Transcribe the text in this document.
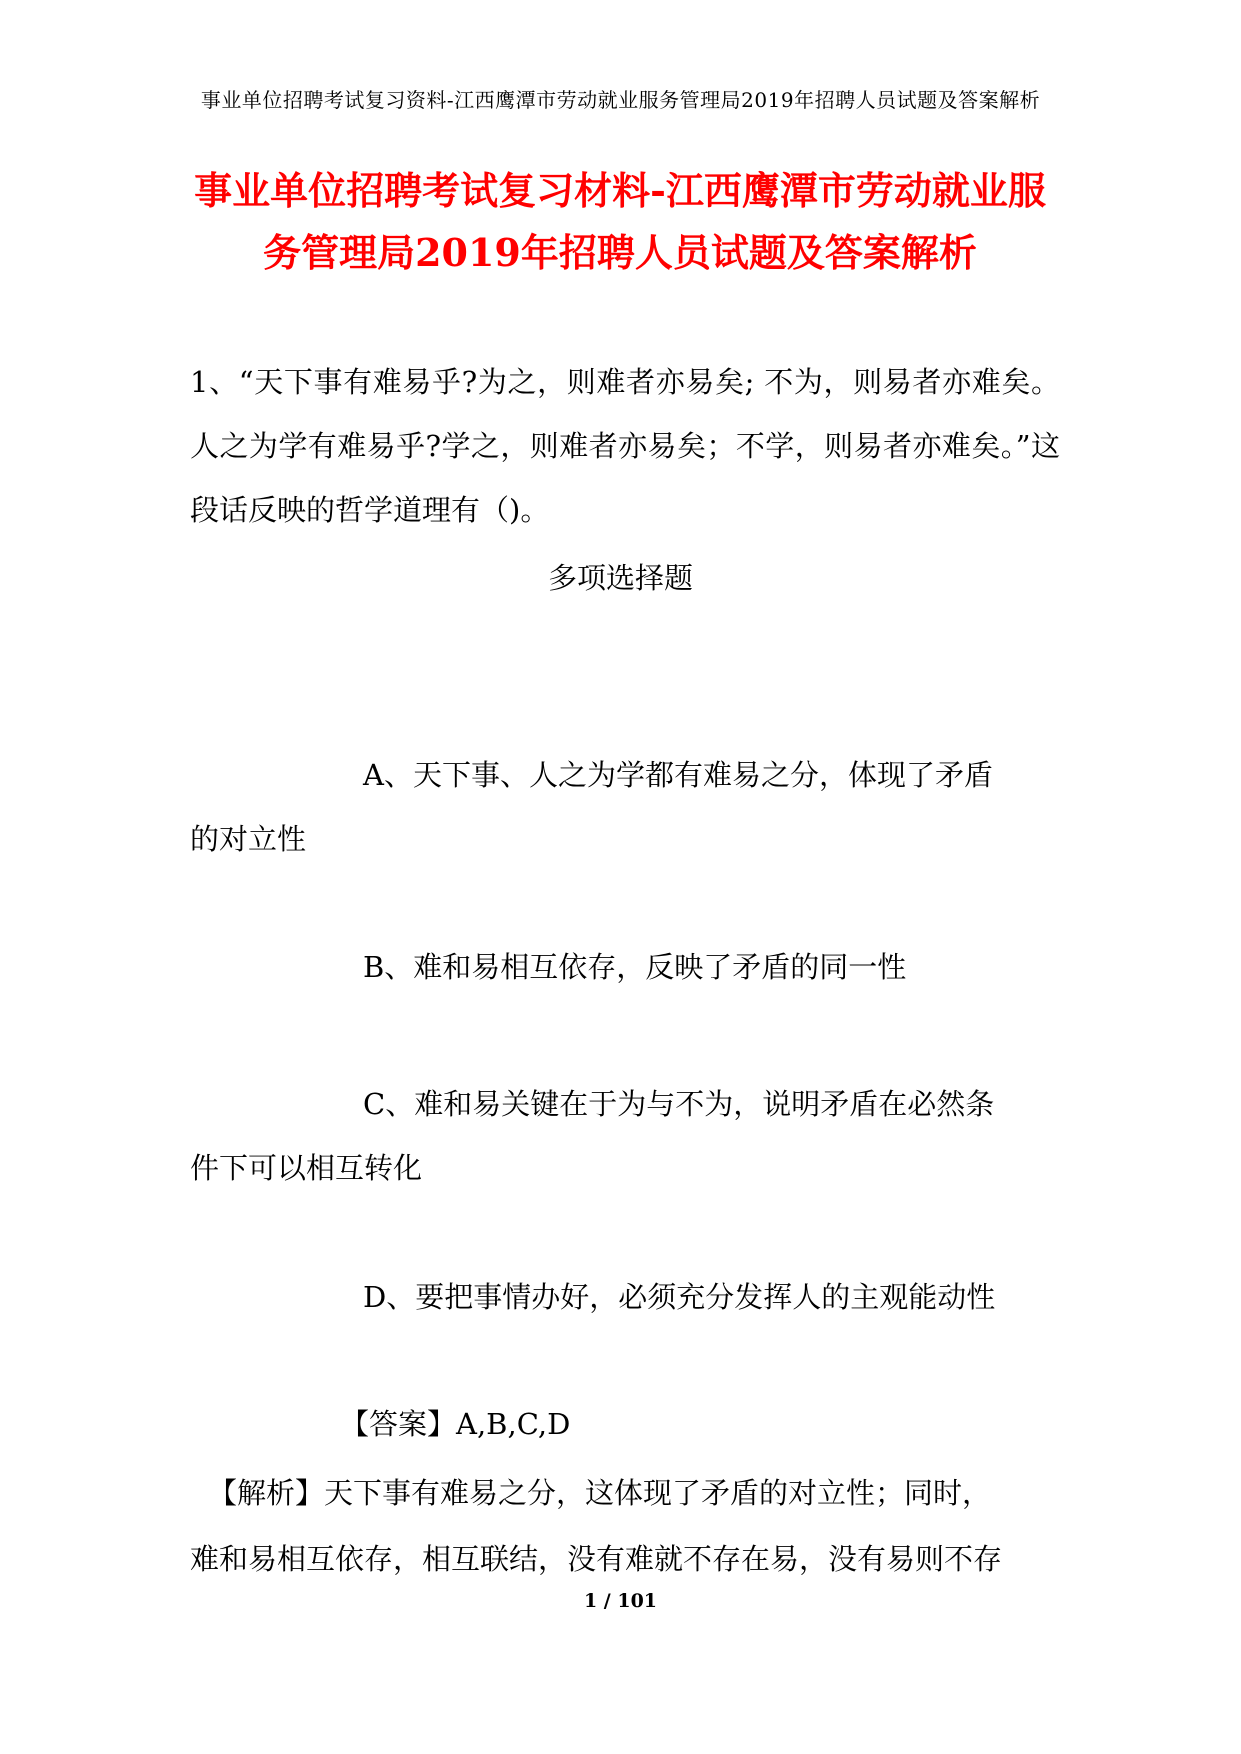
事业单位招聘考试复习资料-江西鹰潭市劳动就业服务管理局2019年招聘人员试题及答案解析
事业单位招聘考试复习材料-江西鹰潭市劳动就业服
务管理局2019年招聘人员试题及答案解析
1、“天下事有难易乎?为之，则难者亦易矣; 不为，则易者亦难矣。人之为学有难易乎?学之，则难者亦易矣；不学，则易者亦难矣。”这段话反映的哲学道理有（)。
多项选择题
A、天下事、人之为学都有难易之分，体现了矛盾
的对立性
B、难和易相互依存，反映了矛盾的同一性
C、难和易关键在于为与不为，说明矛盾在必然条
件下可以相互转化
D、要把事情办好，必须充分发挥人的主观能动性
【答案】A,B,C,D
【解析】天下事有难易之分，这体现了矛盾的对立性；同时，
难和易相互依存，相互联结，没有难就不存在易，没有易则不存
1 / 101
